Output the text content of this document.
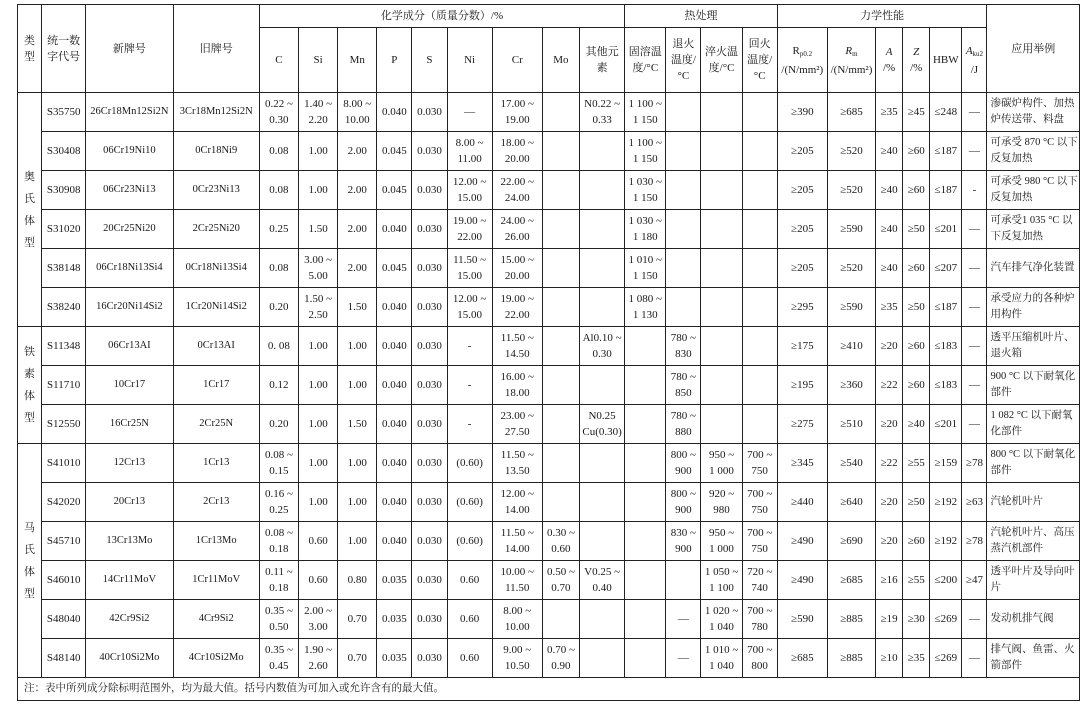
类型	统一数字代号	新牌号	旧牌号	化学成分（质量分数）/%									热处理				力学性能						应用举例
				C	Si	Mn	P	S	Ni	Cr	Mo	其他元素	固溶温度/°C	退火温度/°C	淬火温度/°C	回火温度/°C	$R_{p0.2}$
/(N/mm²)	$R_m$
/(N/mm²)	A
/%	Z
/%	HBW	$A_{ku2}$
/J	

奥
氏
体
型	S35750	26Cr18Mn12Si2N	3Cr18Mn12Si2N	0.22 ~
0.30	1.40 ~
2.20	8.00 ~
10.00	0.040	0.030	—	17.00 ~
19.00		N0.22 ~
0.33	1 100 ~
1 150				≥390	≥685	≥35	≥45	≤248	—	渗碳炉构件、加热炉传送带、料盘
	S30408	06Cr19Ni10	0Cr18Ni9	0.08	1.00	2.00	0.045	0.030	8.00 ~
11.00	18.00 ~
20.00			1 100 ~
1 150				≥205	≥520	≥40	≥60	≤187	—	可承受 870 °C 以下反复加热
	S30908	06Cr23Ni13	0Cr23Ni13	0.08	1.00	2.00	0.045	0.030	12.00 ~
15.00	22.00 ~
24.00			1 030 ~
1 150				≥205	≥520	≥40	≥60	≤187	-	可承受 980 °C 以下反复加热
	S31020	20Cr25Ni20	2Cr25Ni20	0.25	1.50	2.00	0.040	0.030	19.00 ~
22.00	24.00 ~
26.00			1 030 ~
1 180				≥205	≥590	≥40	≥50	≤201	—	可承受1 035 °C 以下反复加热
	S38148	06Cr18Ni13Si4	0Cr18Ni13Si4	0.08	3.00 ~
5.00	2.00	0.045	0.030	11.50 ~
15.00	15.00 ~
20.00			1 010 ~
1 150				≥205	≥520	≥40	≥60	≤207	—	汽车排气净化装置
	S38240	16Cr20Ni14Si2	1Cr20Ni14Si2	0.20	1.50 ~
2.50	1.50	0.040	0.030	12.00 ~
15.00	19.00 ~
22.00			1 080 ~
1 130				≥295	≥590	≥35	≥50	≤187	—	承受应力的各种炉用构件

铁
素
体
型	S11348	06Cr13AI	0Cr13AI	0. 08	1.00	1.00	0.040	0.030	-	11.50 ~
14.50		Al0.10 ~
0.30		780 ~
830			≥175	≥410	≥20	≥60	≤183	—	透平压缩机叶片、退火箱
	S11710	10Cr17	1Cr17	0.12	1.00	1.00	0.040	0.030	-	16.00 ~
18.00				780 ~
850			≥195	≥360	≥22	≥60	≤183	—	900 °C 以下耐氧化部件
	S12550	16Cr25N	2Cr25N	0.20	1.00	1.50	0.040	0.030	-	23.00 ~
27.50		N0.25
Cu(0.30)		780 ~
880			≥275	≥510	≥20	≥40	≤201	—	1 082 °C 以下耐氧化部件

马
氏
体
型	S41010	12Cr13	1Cr13	0.08 ~
0.15	1.00	1.00	0.040	0.030	(0.60)	11.50 ~
13.50				800 ~
900	950 ~
1 000	700 ~
750	≥345	≥540	≥22	≥55	≥159	≥78	800 °C 以下耐氧化部件
	S42020	20Cr13	2Cr13	0.16 ~
0.25	1.00	1.00	0.040	0.030	(0.60)	12.00 ~
14.00				800 ~
900	920 ~
980	700 ~
750	≥440	≥640	≥20	≥50	≥192	≥63	汽轮机叶片
	S45710	13Cr13Mo	1Cr13Mo	0.08 ~
0.18	0.60	1.00	0.040	0.030	(0.60)	11.50 ~
14.00	0.30 ~
0.60			830 ~
900	950 ~
1 000	700 ~
750	≥490	≥690	≥20	≥60	≥192	≥78	汽轮机叶片、高压蒸汽机部件
	S46010	14Cr11MoV	1Cr11MoV	0.11 ~
0.18	0.60	0.80	0.035	0.030	0.60	10.00 ~
11.50	0.50 ~
0.70	V0.25 ~
0.40			1 050 ~
1 100	720 ~
740	≥490	≥685	≥16	≥55	≤200	≥47	透平叶片及导向叶片
	S48040	42Cr9Si2	4Cr9Si2	0.35 ~
0.50	2.00 ~
3.00	0.70	0.035	0.030	0.60	8.00 ~
10.00				—	1 020 ~
1 040	700 ~
780	≥590	≥885	≥19	≥30	≤269	—	发动机排气阀
	S48140	40Cr10Si2Mo	4Cr10Si2Mo	0.35 ~
0.45	1.90 ~
2.60	0.70	0.035	0.030	0.60	9.00 ~
10.50	0.70 ~
0.90			—	1 010 ~
1 040	700 ~
800	≥685	≥885	≥10	≥35	≤269	—	排气阀、鱼雷、火箭部件
注：表中所列成分除标明范围外，均为最大值。括号内数值为可加入或允许含有的最大值。																							
